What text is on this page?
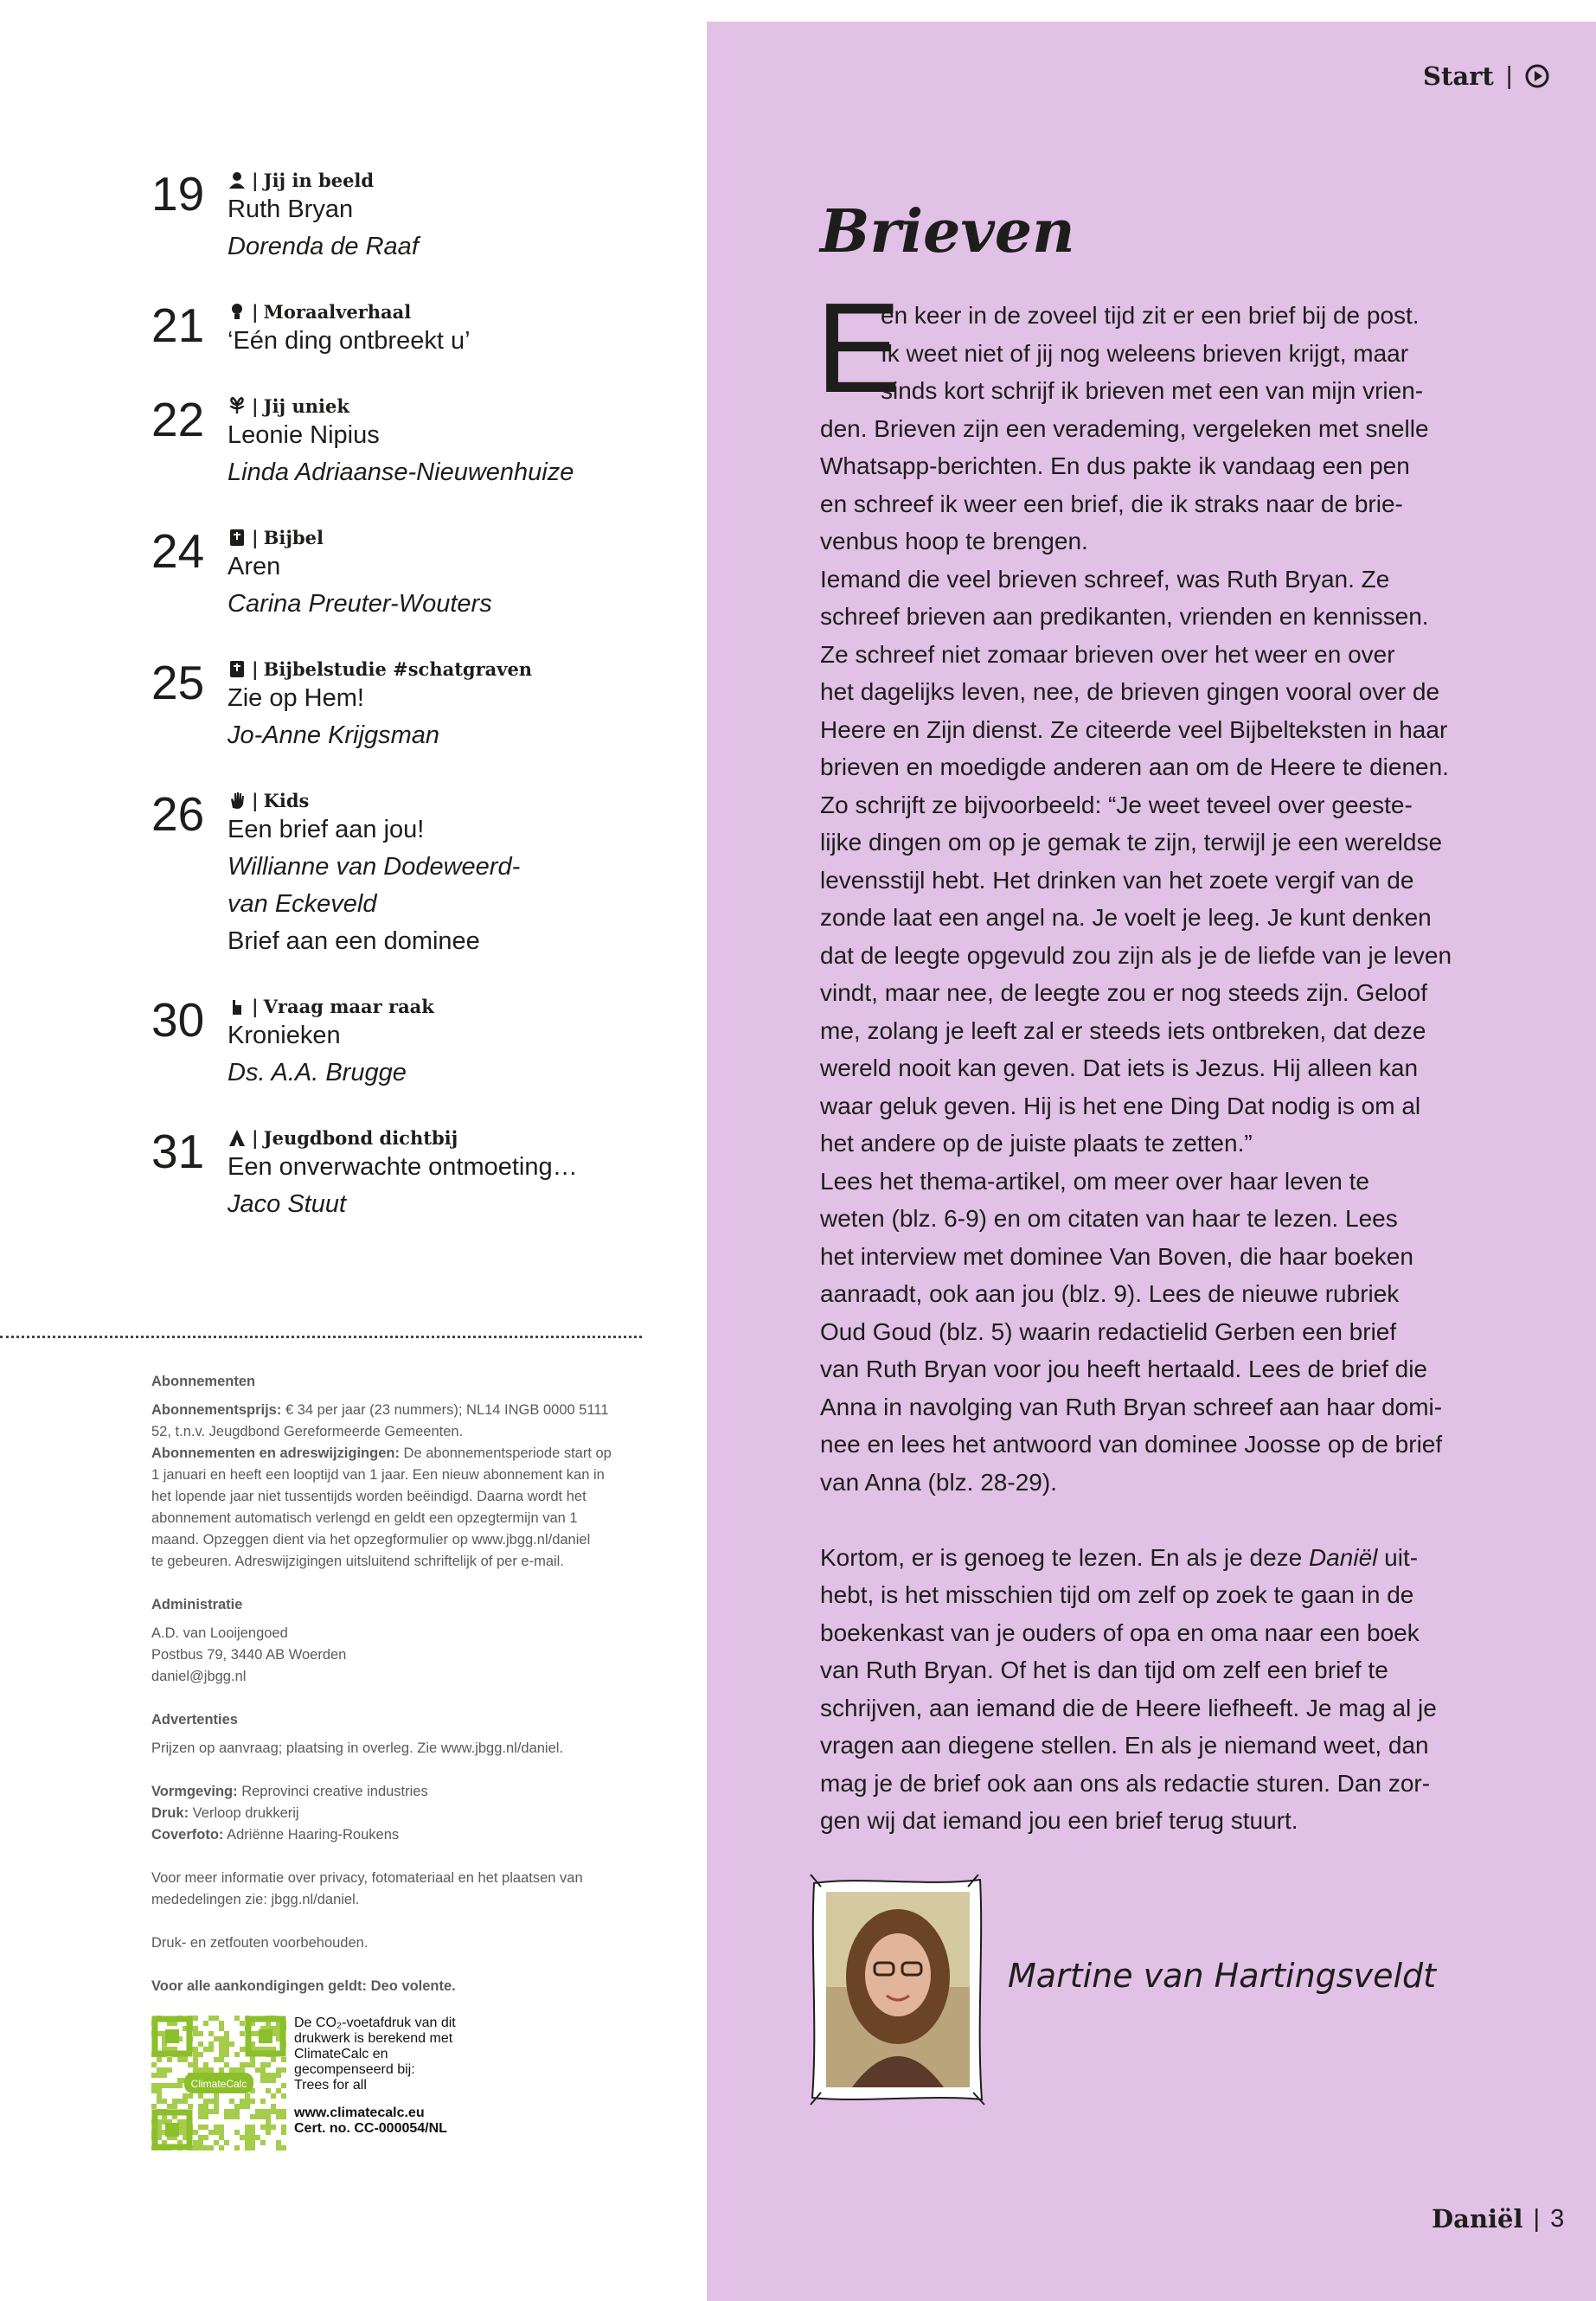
Start |
19	| Jij in beeld
Ruth Bryan
Dorenda de Raaf
21	| Moraalverhaal
‘Eén ding ontbreekt u’
22	| Jij uniek
Leonie Nipius
Linda Adriaanse-Nieuwenhuize
24	| Bijbel
Aren
Carina Preuter-Wouters
25	| Bijbelstudie #schatgraven
Zie op Hem!
Jo-Anne Krijgsman
26	| Kids
Een brief aan jou!
Willianne van Dodeweerd-
van Eckeveld
Brief aan een dominee
30	| Vraag maar raak
Kronieken
Ds. A.A. Brugge
31	| Jeugdbond dichtbij
Een onverwachte ontmoeting…
Jaco Stuut

Abonnementen

Abonnementsprijs: € 34 per jaar (23 nummers); NL14 INGB 0000 5111

52, t.n.v. Jeugdbond Gereformeerde Gemeenten.

Abonnementen en adreswijzigingen: De abonnementsperiode start op

1 januari en heeft een looptijd van 1 jaar. Een nieuw abonnement kan in

het lopende jaar niet tussentijds worden beëindigd. Daarna wordt het

abonnement automatisch verlengd en geldt een opzegtermijn van 1

maand. Opzeggen dient via het opzegformulier op www.jbgg.nl/daniel

te gebeuren. Adreswijzigingen uitsluitend schriftelijk of per e-mail.

Administratie

A.D. van Looijengoed

Postbus 79, 3440 AB Woerden

daniel@jbgg.nl

Advertenties

Prijzen op aanvraag; plaatsing in overleg. Zie www.jbgg.nl/daniel.

Vormgeving: Reprovinci creative industries

Druk: Verloop drukkerij

Coverfoto: Adriënne Haaring-Roukens

Voor meer informatie over privacy, fotomateriaal en het plaatsen van

mededelingen zie: jbgg.nl/daniel.

Druk- en zetfouten voorbehouden.

Voor alle aankondigingen geldt: Deo volente.

ClimateCalc
De CO₂-voetafdruk van dit
drukwerk is berekend met
ClimateCalc en
gecompenseerd bij:
Trees for all
www.climatecalc.eu
Cert. no. CC-000054/NL
Brieven
E
en keer in de zoveel tijd zit er een brief bij de post.
Ik weet niet of jij nog weleens brieven krijgt, maar
sinds kort schrijf ik brieven met een van mijn vrien-
den. Brieven zijn een verademing, vergeleken met snelle
Whatsapp-berichten. En dus pakte ik vandaag een pen
en schreef ik weer een brief, die ik straks naar de brie-
venbus hoop te brengen.
Iemand die veel brieven schreef, was Ruth Bryan. Ze
schreef brieven aan predikanten, vrienden en kennissen.
Ze schreef niet zomaar brieven over het weer en over
het dagelijks leven, nee, de brieven gingen vooral over de
Heere en Zijn dienst. Ze citeerde veel Bijbelteksten in haar
brieven en moedigde anderen aan om de Heere te dienen.
Zo schrijft ze bijvoorbeeld: “Je weet teveel over geeste-
lijke dingen om op je gemak te zijn, terwijl je een wereldse
levensstijl hebt. Het drinken van het zoete vergif van de
zonde laat een angel na. Je voelt je leeg. Je kunt denken
dat de leegte opgevuld zou zijn als je de liefde van je leven
vindt, maar nee, de leegte zou er nog steeds zijn. Geloof
me, zolang je leeft zal er steeds iets ontbreken, dat deze
wereld nooit kan geven. Dat iets is Jezus. Hij alleen kan
waar geluk geven. Hij is het ene Ding Dat nodig is om al
het andere op de juiste plaats te zetten.”
Lees het thema-artikel, om meer over haar leven te
weten (blz. 6-9) en om citaten van haar te lezen. Lees
het interview met dominee Van Boven, die haar boeken
aanraadt, ook aan jou (blz. 9). Lees de nieuwe rubriek
Oud Goud (blz. 5) waarin redactielid Gerben een brief
van Ruth Bryan voor jou heeft hertaald. Lees de brief die
Anna in navolging van Ruth Bryan schreef aan haar domi-
nee en lees het antwoord van dominee Joosse op de brief
van Anna (blz. 28-29).
Kortom, er is genoeg te lezen. En als je deze Daniël uit-
hebt, is het misschien tijd om zelf op zoek te gaan in de
boekenkast van je ouders of opa en oma naar een boek
van Ruth Bryan. Of het is dan tijd om zelf een brief te
schrijven, aan iemand die de Heere liefheeft. Je mag al je
vragen aan diegene stellen. En als je niemand weet, dan
mag je de brief ook aan ons als redactie sturen. Dan zor-
gen wij dat iemand jou een brief terug stuurt.
Martine van Hartingsveldt
Daniël | 3
